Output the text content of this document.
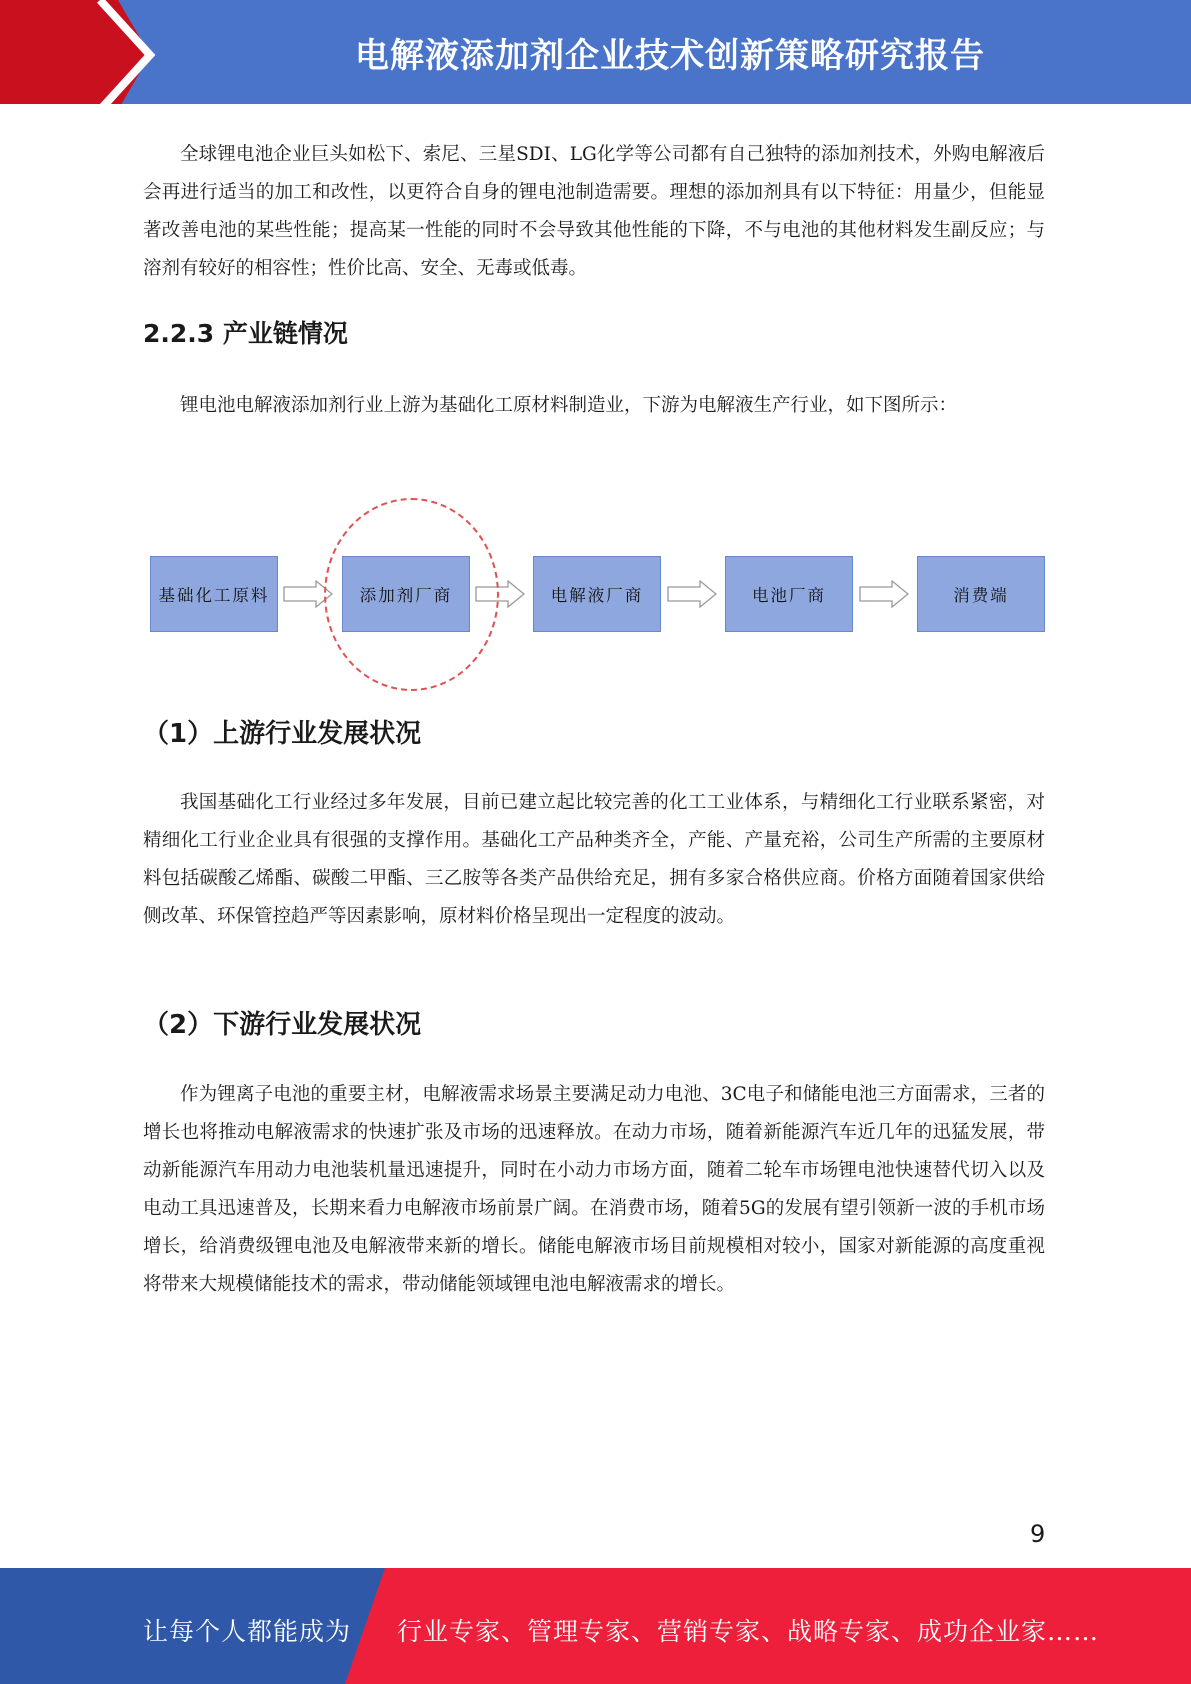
电解液添加剂企业技术创新策略研究报告

全球锂电池企业巨头如松下、索尼、三星SDI、LG化学等公司都有自己独特的添加剂技术，外购电解液后会再进行适当的加工和改性，以更符合自身的锂电池制造需要。理想的添加剂具有以下特征：用量少，但能显著改善电池的某些性能；提高某一性能的同时不会导致其他性能的下降，不与电池的其他材料发生副反应；与溶剂有较好的相容性；性价比高、安全、无毒或低毒。

2.2.3 产业链情况

锂电池电解液添加剂行业上游为基础化工原材料制造业，下游为电解液生产行业，如下图所示：

基础化工原料	添加剂厂商	电解液厂商	电池厂商	消费端
（1）上游行业发展状况

我国基础化工行业经过多年发展，目前已建立起比较完善的化工工业体系，与精细化工行业联系紧密，对精细化工行业企业具有很强的支撑作用。基础化工产品种类齐全，产能、产量充裕，公司生产所需的主要原材料包括碳酸乙烯酯、碳酸二甲酯、三乙胺等各类产品供给充足，拥有多家合格供应商。价格方面随着国家供给侧改革、环保管控趋严等因素影响，原材料价格呈现出一定程度的波动。

（2）下游行业发展状况

作为锂离子电池的重要主材，电解液需求场景主要满足动力电池、3C电子和储能电池三方面需求，三者的增长也将推动电解液需求的快速扩张及市场的迅速释放。在动力市场，随着新能源汽车近几年的迅猛发展，带动新能源汽车用动力电池装机量迅速提升，同时在小动力市场方面，随着二轮车市场锂电池快速替代切入以及电动工具迅速普及，长期来看力电解液市场前景广阔。在消费市场，随着5G的发展有望引领新一波的手机市场增长，给消费级锂电池及电解液带来新的增长。储能电解液市场目前规模相对较小，国家对新能源的高度重视将带来大规模储能技术的需求，带动储能领域锂电池电解液需求的增长。

9
让每个人都能成为 行业专家、管理专家、营销专家、战略专家、成功企业家……
